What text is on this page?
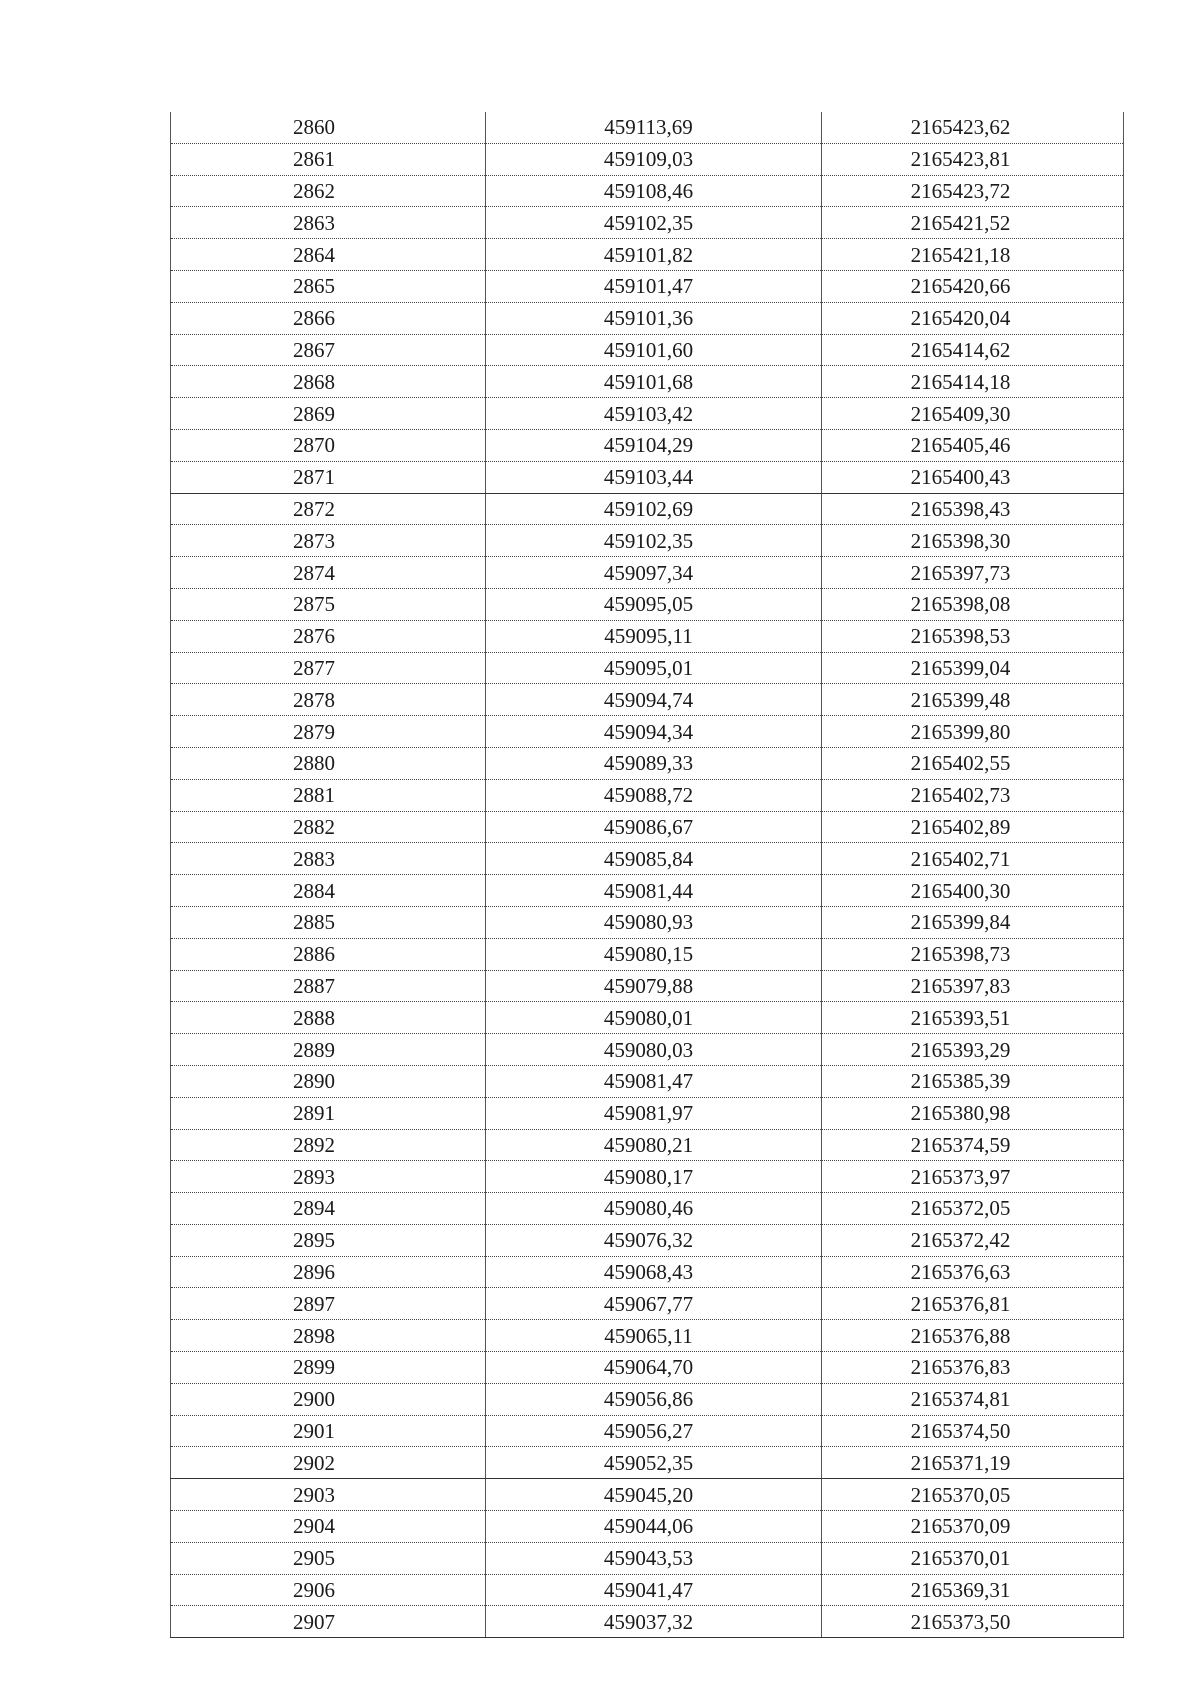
2860	459113,69	2165423,62
2861	459109,03	2165423,81
2862	459108,46	2165423,72
2863	459102,35	2165421,52
2864	459101,82	2165421,18
2865	459101,47	2165420,66
2866	459101,36	2165420,04
2867	459101,60	2165414,62
2868	459101,68	2165414,18
2869	459103,42	2165409,30
2870	459104,29	2165405,46
2871	459103,44	2165400,43
2872	459102,69	2165398,43
2873	459102,35	2165398,30
2874	459097,34	2165397,73
2875	459095,05	2165398,08
2876	459095,11	2165398,53
2877	459095,01	2165399,04
2878	459094,74	2165399,48
2879	459094,34	2165399,80
2880	459089,33	2165402,55
2881	459088,72	2165402,73
2882	459086,67	2165402,89
2883	459085,84	2165402,71
2884	459081,44	2165400,30
2885	459080,93	2165399,84
2886	459080,15	2165398,73
2887	459079,88	2165397,83
2888	459080,01	2165393,51
2889	459080,03	2165393,29
2890	459081,47	2165385,39
2891	459081,97	2165380,98
2892	459080,21	2165374,59
2893	459080,17	2165373,97
2894	459080,46	2165372,05
2895	459076,32	2165372,42
2896	459068,43	2165376,63
2897	459067,77	2165376,81
2898	459065,11	2165376,88
2899	459064,70	2165376,83
2900	459056,86	2165374,81
2901	459056,27	2165374,50
2902	459052,35	2165371,19
2903	459045,20	2165370,05
2904	459044,06	2165370,09
2905	459043,53	2165370,01
2906	459041,47	2165369,31
2907	459037,32	2165373,50
